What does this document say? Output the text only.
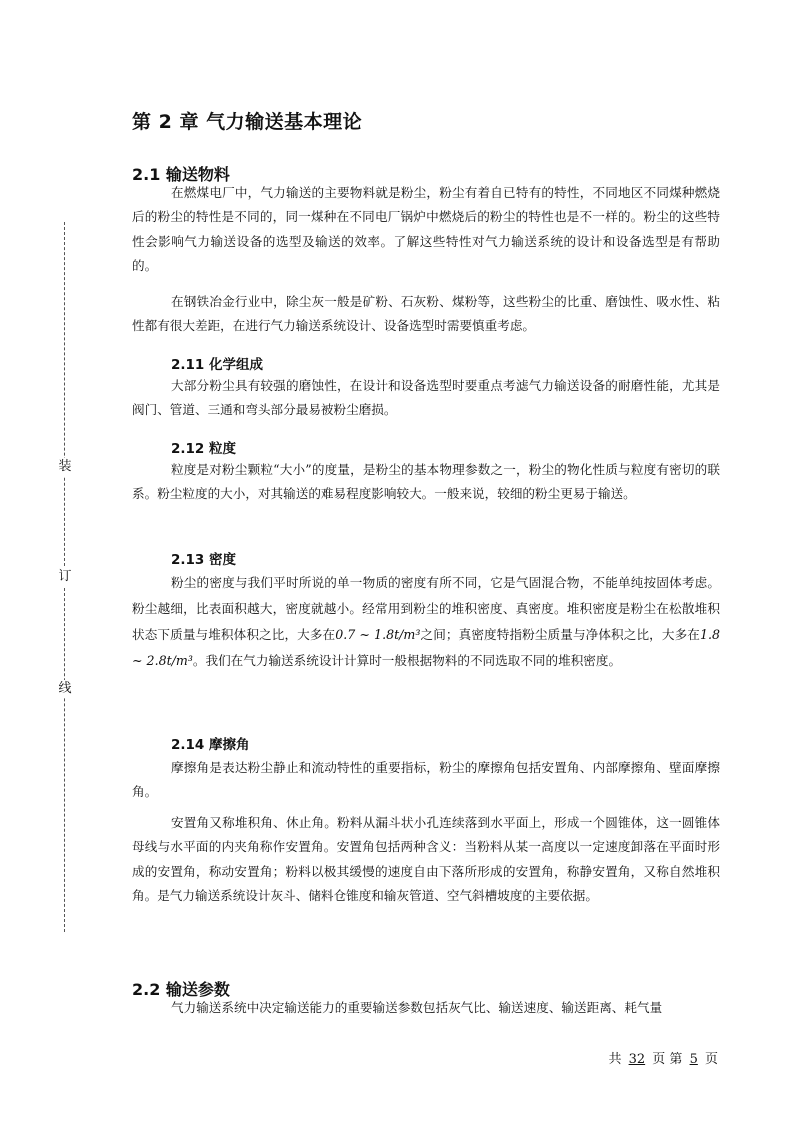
装
订
线
第 2 章 气力输送基本理论
2.1 输送物料
在燃煤电厂中，气力输送的主要物料就是粉尘，粉尘有着自已特有的特性，不同地区不同煤种燃烧后的粉尘的特性是不同的，同一煤种在不同电厂锅炉中燃烧后的粉尘的特性也是不一样的。粉尘的这些特性会影响气力输送设备的选型及输送的效率。了解这些特性对气力输送系统的设计和设备选型是有帮助的。
在钢铁冶金行业中，除尘灰一般是矿粉、石灰粉、煤粉等，这些粉尘的比重、磨蚀性、吸水性、粘性都有很大差距，在进行气力输送系统设计、设备选型时需要慎重考虑。
2.11 化学组成
大部分粉尘具有较强的磨蚀性，在设计和设备选型时要重点考滤气力输送设备的耐磨性能，尤其是阀门、管道、三通和弯头部分最易被粉尘磨损。
2.12 粒度
粒度是对粉尘颗粒“大小”的度量，是粉尘的基本物理参数之一，粉尘的物化性质与粒度有密切的联系。粉尘粒度的大小，对其输送的难易程度影响较大。一般来说，较细的粉尘更易于输送。
2.13 密度
粉尘的密度与我们平时所说的单一物质的密度有所不同，它是气固混合物，不能单纯按固体考虑。粉尘越细，比表面积越大，密度就越小。经常用到粉尘的堆积密度、真密度。堆积密度是粉尘在松散堆积状态下质量与堆积体积之比，大多在0.7 ~ 1.8t/m³之间；真密度特指粉尘质量与净体积之比，大多在1.8 ~ 2.8t/m³。我们在气力输送系统设计计算时一般根据物料的不同选取不同的堆积密度。
2.14 摩擦角
摩擦角是表达粉尘静止和流动特性的重要指标，粉尘的摩擦角包括安置角、内部摩擦角、壁面摩擦角。
安置角又称堆积角、休止角。粉料从漏斗状小孔连续落到水平面上，形成一个圆锥体，这一圆锥体母线与水平面的内夹角称作安置角。安置角包括两种含义：当粉料从某一高度以一定速度卸落在平面时形成的安置角，称动安置角；粉料以极其缓慢的速度自由下落所形成的安置角，称静安置角，又称自然堆积角。是气力输送系统设计灰斗、储料仓锥度和输灰管道、空气斜槽坡度的主要依据。
2.2 输送参数
气力输送系统中决定输送能力的重要输送参数包括灰气比、输送速度、输送距离、耗气量
共 32 页 第 5 页
